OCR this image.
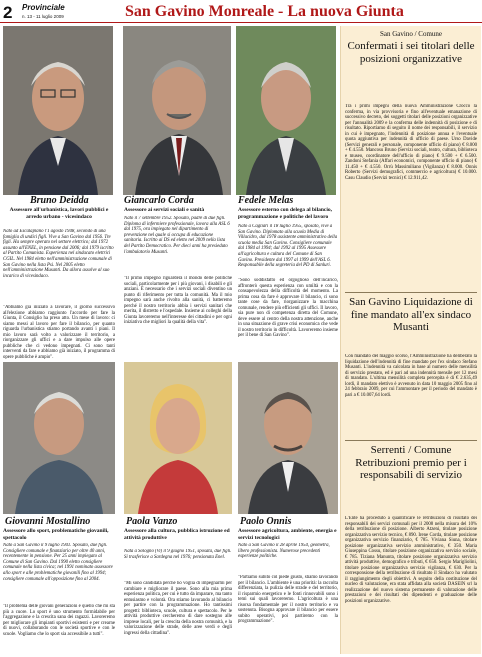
2 Provinciale
n. 13 - 11 luglio 2009	San Gavino Monreale - La nuova Giunta
Bruno Deidda
Assessore all'urbanistica, lavori pubblici e arredo urbano - vicesindaco
Nato ad Escalaplano l'1 agosto 1948, secondo di una famiglia di undici figli. Vive a San Gavino dal 1956. Tre figli. Ha sempre operato nel settore elettrico; dal 1972 assunto all'ENEL, in pensione dal 2006; dal 1979 iscritto al Partito Comunista. Esperienza nel sindacato elettrici CGIL. Nel 1984 eletto nell'amministrazione comunale di San Gavino nella lista Psi. Nel 2005 eletto nell'amministrazione Musanti. Da allora assolve al suo incarico di vicesindaco.
"Abbiamo già iniziato a lavorare, il giorno successivo all'elezione abbiamo raggiunto l'accordo per fare la Giunta, il Consiglio ha preso atto. Un mese di lavoro: ci siamo messi al lavoro per fare il bilancio, per quanto riguarda l'urbanistica stiamo portando avanti i piani. Il mio lavoro sarà volto a valorizzare il territorio, a riorganizzare gli uffici e a dare impulso alle opere pubbliche che ci vedono impegnati. Ci sono tanti interventi da fare e abbiamo già iniziato, il programma di opere pubbliche è ampio".
Giancarlo Corda
Assessore ai servizi sociali e sanità
Nato il 7 settembre 1952. Sposato, padre di due figli. Diploma di infermiere professionale, lavora alla ASL 6 dal 1975, ora impiegato nel dipartimento di prevenzione nel quale si occupa di educazione sanitaria. Iscritto ai DS ed eletto nel 2009 nella lista del Partito Democratico. Per dieci anni ha presieduto l'ambulatorio Musanti.
"Il primo impegno riguarderà il mondo delle politiche sociali, particolarmente per i più giovani, i disabili e gli anziani. È necessario che i servizi sociali diventino un punto di riferimento per tutta la comunità. Ma il mio impegno sarà anche rivolto alla sanità, ci batteremo perché il nostro territorio abbia i servizi sanitari che merita, il distretto e l'ospedale. Insieme ai colleghi della Giunta lavoreremo nell'interesse dei cittadini e per ogni iniziativa che migliori la qualità della vita".
Fedele Melas
Assessore esterno con delega al bilancio, programmazione e politiche del lavoro
Nato a Cagliari il 18 luglio 1955, sposato, vive a San Gavino. Diplomato alla scuola Media di Villacidro, dal 1978 assistente amministrativo della scuola media San Gavino. Consigliere comunale dal 1984 al 1994; dal 1992 al 1995 Assessore all'agricoltura e cultura del Comune di San Gavino. Presidente dal 1997 al 1999 dell'ASL 6. Responsabile della segreteria del PD di Sanluri.
"Sono soddisfatto ed orgoglioso dell'incarico, affronterò questa esperienza con umiltà e con la consapevolezza della difficoltà del momento. La prima cosa da fare è approvare il bilancio, ci sono tante cose da fare, riorganizzare la macchina comunale, rendere più efficienti gli uffici. Il lavoro, sia pure non di competenza diretta del Comune, deve essere al centro della nostra attenzione, anche in una situazione di grave crisi economica che vede il nostro territorio in difficoltà. Lavoreremo insieme per il bene di San Gavino".
Giovanni Mostallino
Assessore allo sport, problematiche giovanili, spettacolo
Nato a San Gavino il 9 luglio 1941. Sposato, due figli. Consigliere comunale e finanziario per oltre 40 anni, recentemente in pensione. Per 25 anni impiegato al Comune di San Gavino. Dal 1990 eletto consigliere comunale nella lista civica; nel 1991 nominato assessore allo sport e alle problematiche giovanili fino al 1994; consigliere comunale all'opposizione fino al 2004.
"Il problema delle giovani generazioni è quello che mi sta più a cuore. Lo sport è uno strumento formidabile per l'aggregazione e la crescita sana dei ragazzi. Lavoreremo per migliorare gli impianti sportivi esistenti e per crearne di nuovi, collaborando con le società sportive e con le scuole. Vogliamo che lo sport sia accessibile a tutti".
Paola Vanzo
Assessore alla cultura, pubblica istruzione ed attività produttive
Nata a Sologno (Vi) il 9 giugno 1951, sposata, due figli. Si trasferisce a Sardegna nel 1976; pensionata Enel.
"Mi sono candidata perché ho voglia di impegnarmi per cambiare e migliorare il paese. Sono alla mia prima esperienza politica, per cui è tutto da imparare, ma tanto entusiasmo e volontà. Ora stiamo lavorando al bilancio per partire con la programmazione. Ho tantissimi progetti: biblioteca, scuole, cultura e spettacolo. Per le attività produttive cercheremo di dare sostegno alle imprese locali, per la crescita della nostra comunità, e la valorizzazione delle strade, delle aree verdi e degli ingressi della cittadina".
Paolo Onnis
Assessore agricoltura, ambiente, energia e servizi tecnologici
Nato a San Gavino il 28 aprile 1954, geometra, libero professionista. Numerose precedenti esperienze politiche.
"Partiamo subito col piede giusto, stiamo lavorando per il bilancio. L'ambiente è una priorità: la raccolta differenziata, la pulizia delle strade e del territorio, il risparmio energetico e le fonti rinnovabili sono i temi sui quali lavoreremo. L'agricoltura è una risorsa fondamentale per il nostro territorio e va sostenuta. Bisogna approvare il bilancio per essere subito operativi, poi partiremo con la programmazione".
San Gavino / Comune
Confermati i sei titolari delle posizioni organizzative
Tra i primi impegni della nuova Amministrazione Crocco la conferma, in via provvisoria e fino all'eventuale emanazione di successivo decreto, dei soggetti titolari delle posizioni organizzative per l'annualità 2009 e la conferma delle indennità di posizione e di risultato. Riportiamo di seguito il nome dei responsabili, il servizio in cui è impegnato, l'indennità di posizione annua e l'eventuale quota aggiuntiva per indennità di ufficio di paese. Urso Davide (Servizi generali e personale, componente ufficio di piano) € 8.000 + € 4.550. Mancosu Bruno (Servizi sociali, teatro, cultura, biblioteca e museo, coordinatore dell'ufficio di piano) € 9.500 + € 6.500. Zandoni Stefania (Affari economici, componente ufficio di piano) € 11.450 + € 4.550. Orrù Massimiliano (Vigilanza) € 8.000. Onnis Roberto (Servizi demografici, commercio e agricoltura) € 10.000. Casu Claudio (Servizi tecnici) € 12.911,42.
San Gavino Liquidazione di fine mandato all'ex sindaco Musanti
Con mandato del maggio scorso, l'Amministrazione ha deliberato la liquidazione dell'indennità di fine mandato per l'ex sindaco Stefano Musanti. L'indennità va calcolata in base al numero delle mensilità di servizio prestato, ed è pari ad una indennità mensile per 12 mesi di mandato. L'ultima mensilità completa percepita è di € 2.635,49 lordi, il mandato elettivo è avvenuto in data 10 maggio 2005 fino al 24 febbraio 2009, per cui l'ammontare per il periodo del mandato è pari a € 10.007,64 lordi.
Serrenti / Comune Retribuzioni premio per i responsabili di servizio
L'Ente ha proceduto a quantificare le retribuzioni di risultato dei responsabili dei servizi comunali per il 2008 nella misura del 10% della retribuzione di posizione. Alberto Atzeni, titolare posizione organizzativa servizio tecnico, € 890. Irene Corda, titolare posizione organizzativa servizio finanziario, € 785. Viviana Siuna, titolare posizione organizzativa servizio amministrativo, € 350. Maria Giuseppina Cossu, titolare posizione organizzativa servizio sociale, € 785. Tiziana Manunta, titolare posizione organizzativa servizio attività produttive, demografico e tributi, € 650. Sergio Marigliolini, titolare posizione organizzativa servizio vigilanza, € 630. Per la corresponsione della retribuzione di risultato il Sindaco ha valutato il raggiungimento degli obiettivi. A seguito della costituzione del nucleo di valutazione, era stata affidata alla società DASEIN srl la realizzazione del nuovo sistema permanente di valutazione delle prestazioni e dei risultati dei dipendenti e graduazione delle posizioni organizzative.
